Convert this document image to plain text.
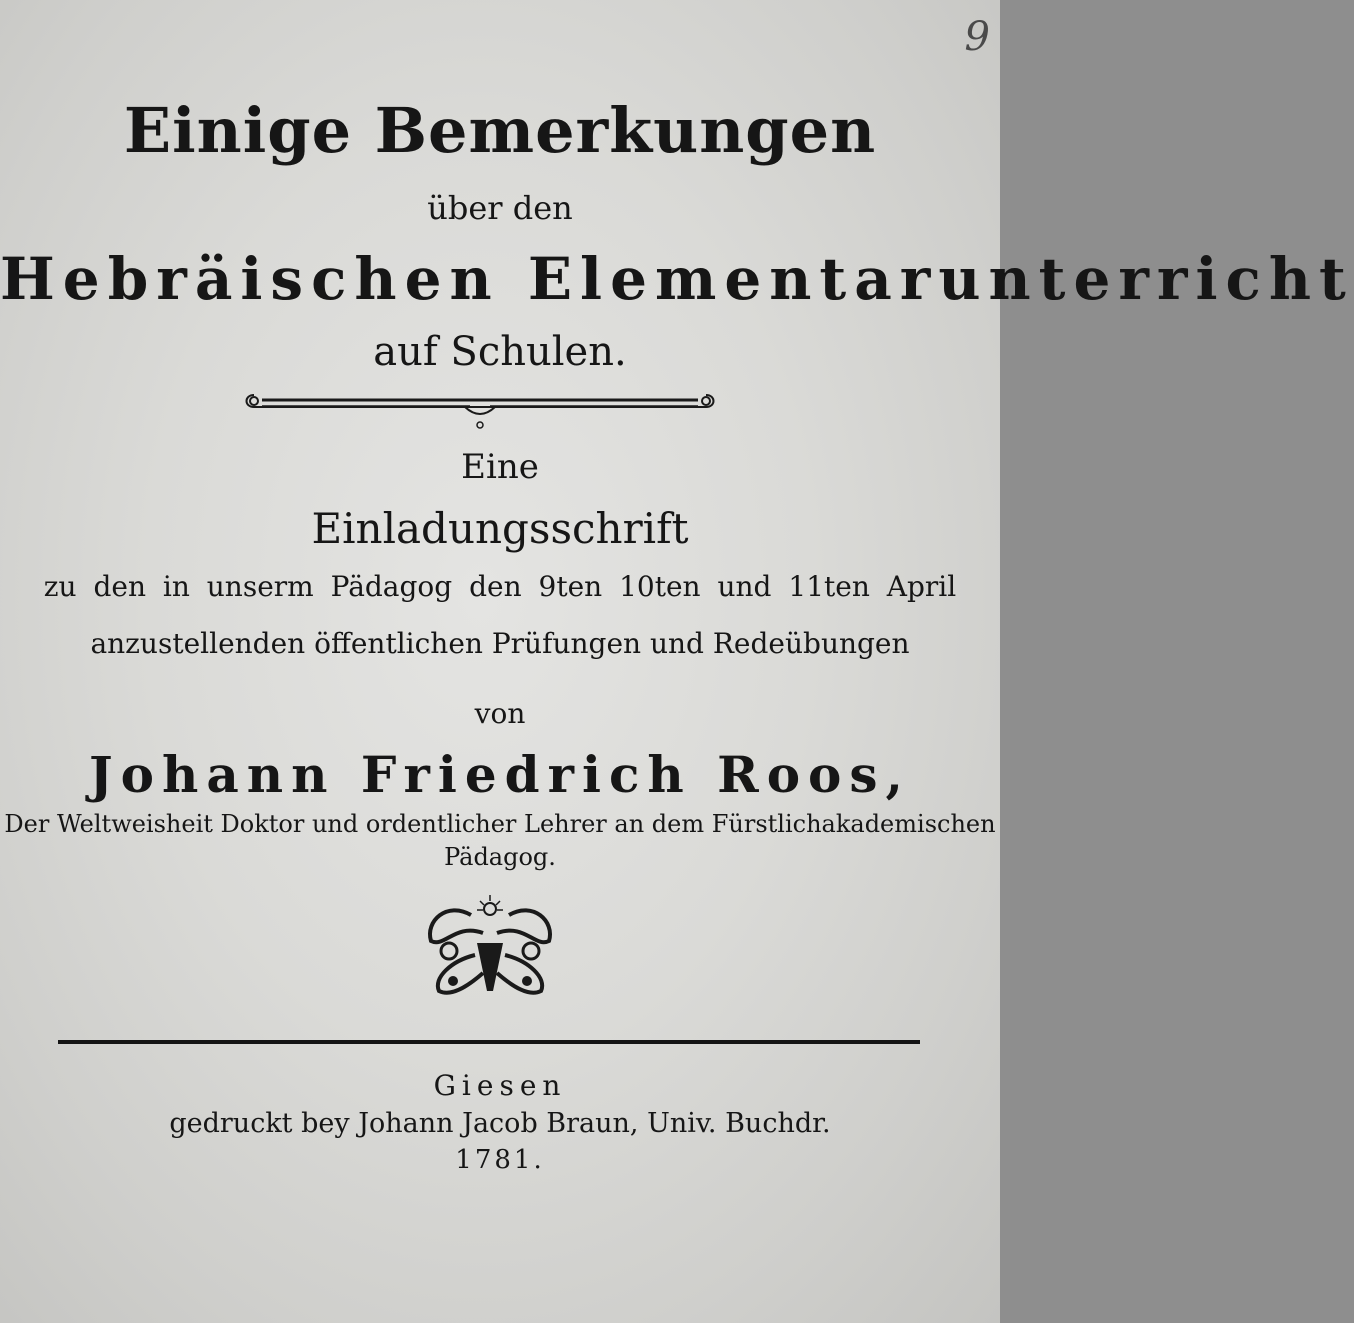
9
Einige Bemerkungen
über den
Hebräischen Elementarunterricht
auf Schulen.
Eine
Einladungsschrift
zu den in unserm Pädagog den 9ten 10ten und 11ten April
anzustellenden öffentlichen Prüfungen und Redeübungen
von
Johann Friedrich Roos,
Der Weltweisheit Doktor und ordentlicher Lehrer an dem Fürstlichakademischen
Pädagog.
Giesen
gedruckt bey Johann Jacob Braun, Univ. Buchdr.
1781.
